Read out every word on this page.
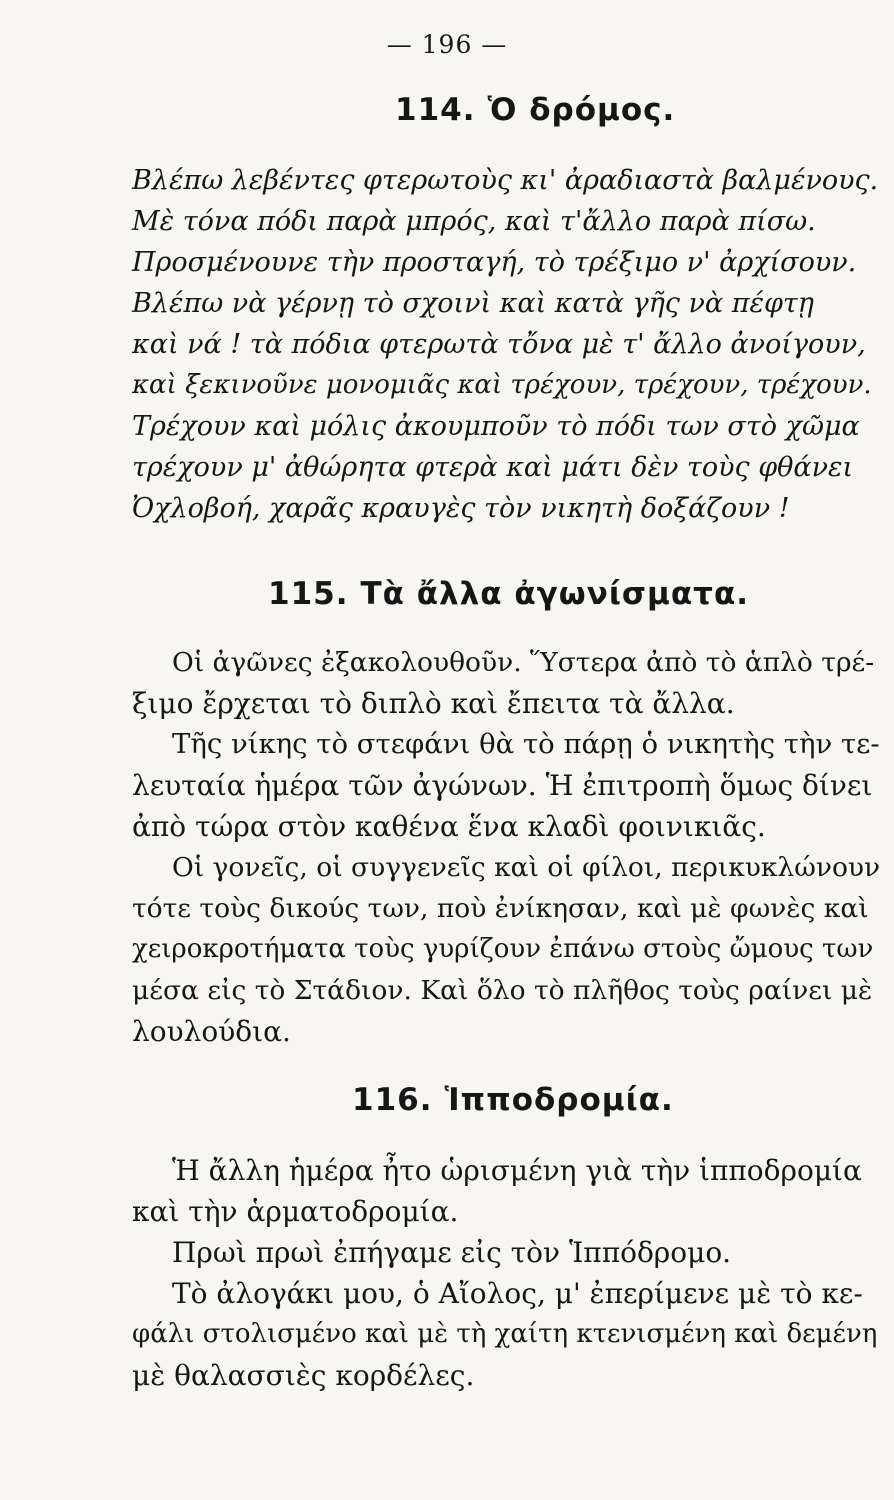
— 196 —
114. Ὁ δρόμος.
Βλέπω λεβέντες φτερωτοὺς κι' ἀραδιαστὰ βαλμένους.
Μὲ τόνα πόδι παρὰ μπρός, καὶ τ'ἄλλο παρὰ πίσω.
Προσμένουνε τὴν προσταγή, τὸ τρέξιμο ν' ἀρχίσουν.
Βλέπω νὰ γέρνῃ τὸ σχοινὶ καὶ κατὰ γῆς νὰ πέφτῃ
καὶ νά ! τὰ πόδια φτερωτὰ τὄνα μὲ τ' ἄλλο ἀνοίγουν,
καὶ ξεκινοῦνε μονομιᾶς καὶ τρέχουν, τρέχουν, τρέχουν.
Τρέχουν καὶ μόλις ἀκουμποῦν τὸ πόδι των στὸ χῶμα
τρέχουν μ' ἀθώρητα φτερὰ καὶ μάτι δὲν τοὺς φθάνει
Ὀχλοβοή, χαρᾶς κραυγὲς τὸν νικητὴ δοξάζουν !
115. Τὰ ἄλλα ἀγωνίσματα.
Οἱ ἀγῶνες ἐξακολουθοῦν. Ὕστερα ἀπὸ τὸ ἁπλὸ τρέ-
ξιμο ἔρχεται τὸ διπλὸ καὶ ἔπειτα τὰ ἄλλα.
Τῆς νίκης τὸ στεφάνι θὰ τὸ πάρῃ ὁ νικητὴς τὴν τε-
λευταία ἡμέρα τῶν ἀγώνων. Ἡ ἐπιτροπὴ ὅμως δίνει
ἀπὸ τώρα στὸν καθένα ἕνα κλαδὶ φοινικιᾶς.
Οἱ γονεῖς, οἱ συγγενεῖς καὶ οἱ φίλοι, περικυκλώνουν
τότε τοὺς δικούς των, ποὺ ἐνίκησαν, καὶ μὲ φωνὲς καὶ
χειροκροτήματα τοὺς γυρίζουν ἐπάνω στοὺς ὤμους των
μέσα εἰς τὸ Στάδιον. Καὶ ὅλο τὸ πλῆθος τοὺς ραίνει μὲ
λουλούδια.
116. Ἱπποδρομία.
Ἡ ἄλλη ἡμέρα ἦτο ὡρισμένη γιὰ τὴν ἱπποδρομία
καὶ τὴν ἁρματοδρομία.
Πρωὶ πρωὶ ἐπήγαμε εἰς τὸν Ἱππόδρομο.
Τὸ ἀλογάκι μου, ὁ Αἴολος, μ' ἐπερίμενε μὲ τὸ κε-
φάλι στολισμένο καὶ μὲ τὴ χαίτη κτενισμένη καὶ δεμένη
μὲ θαλασσιὲς κορδέλες.
